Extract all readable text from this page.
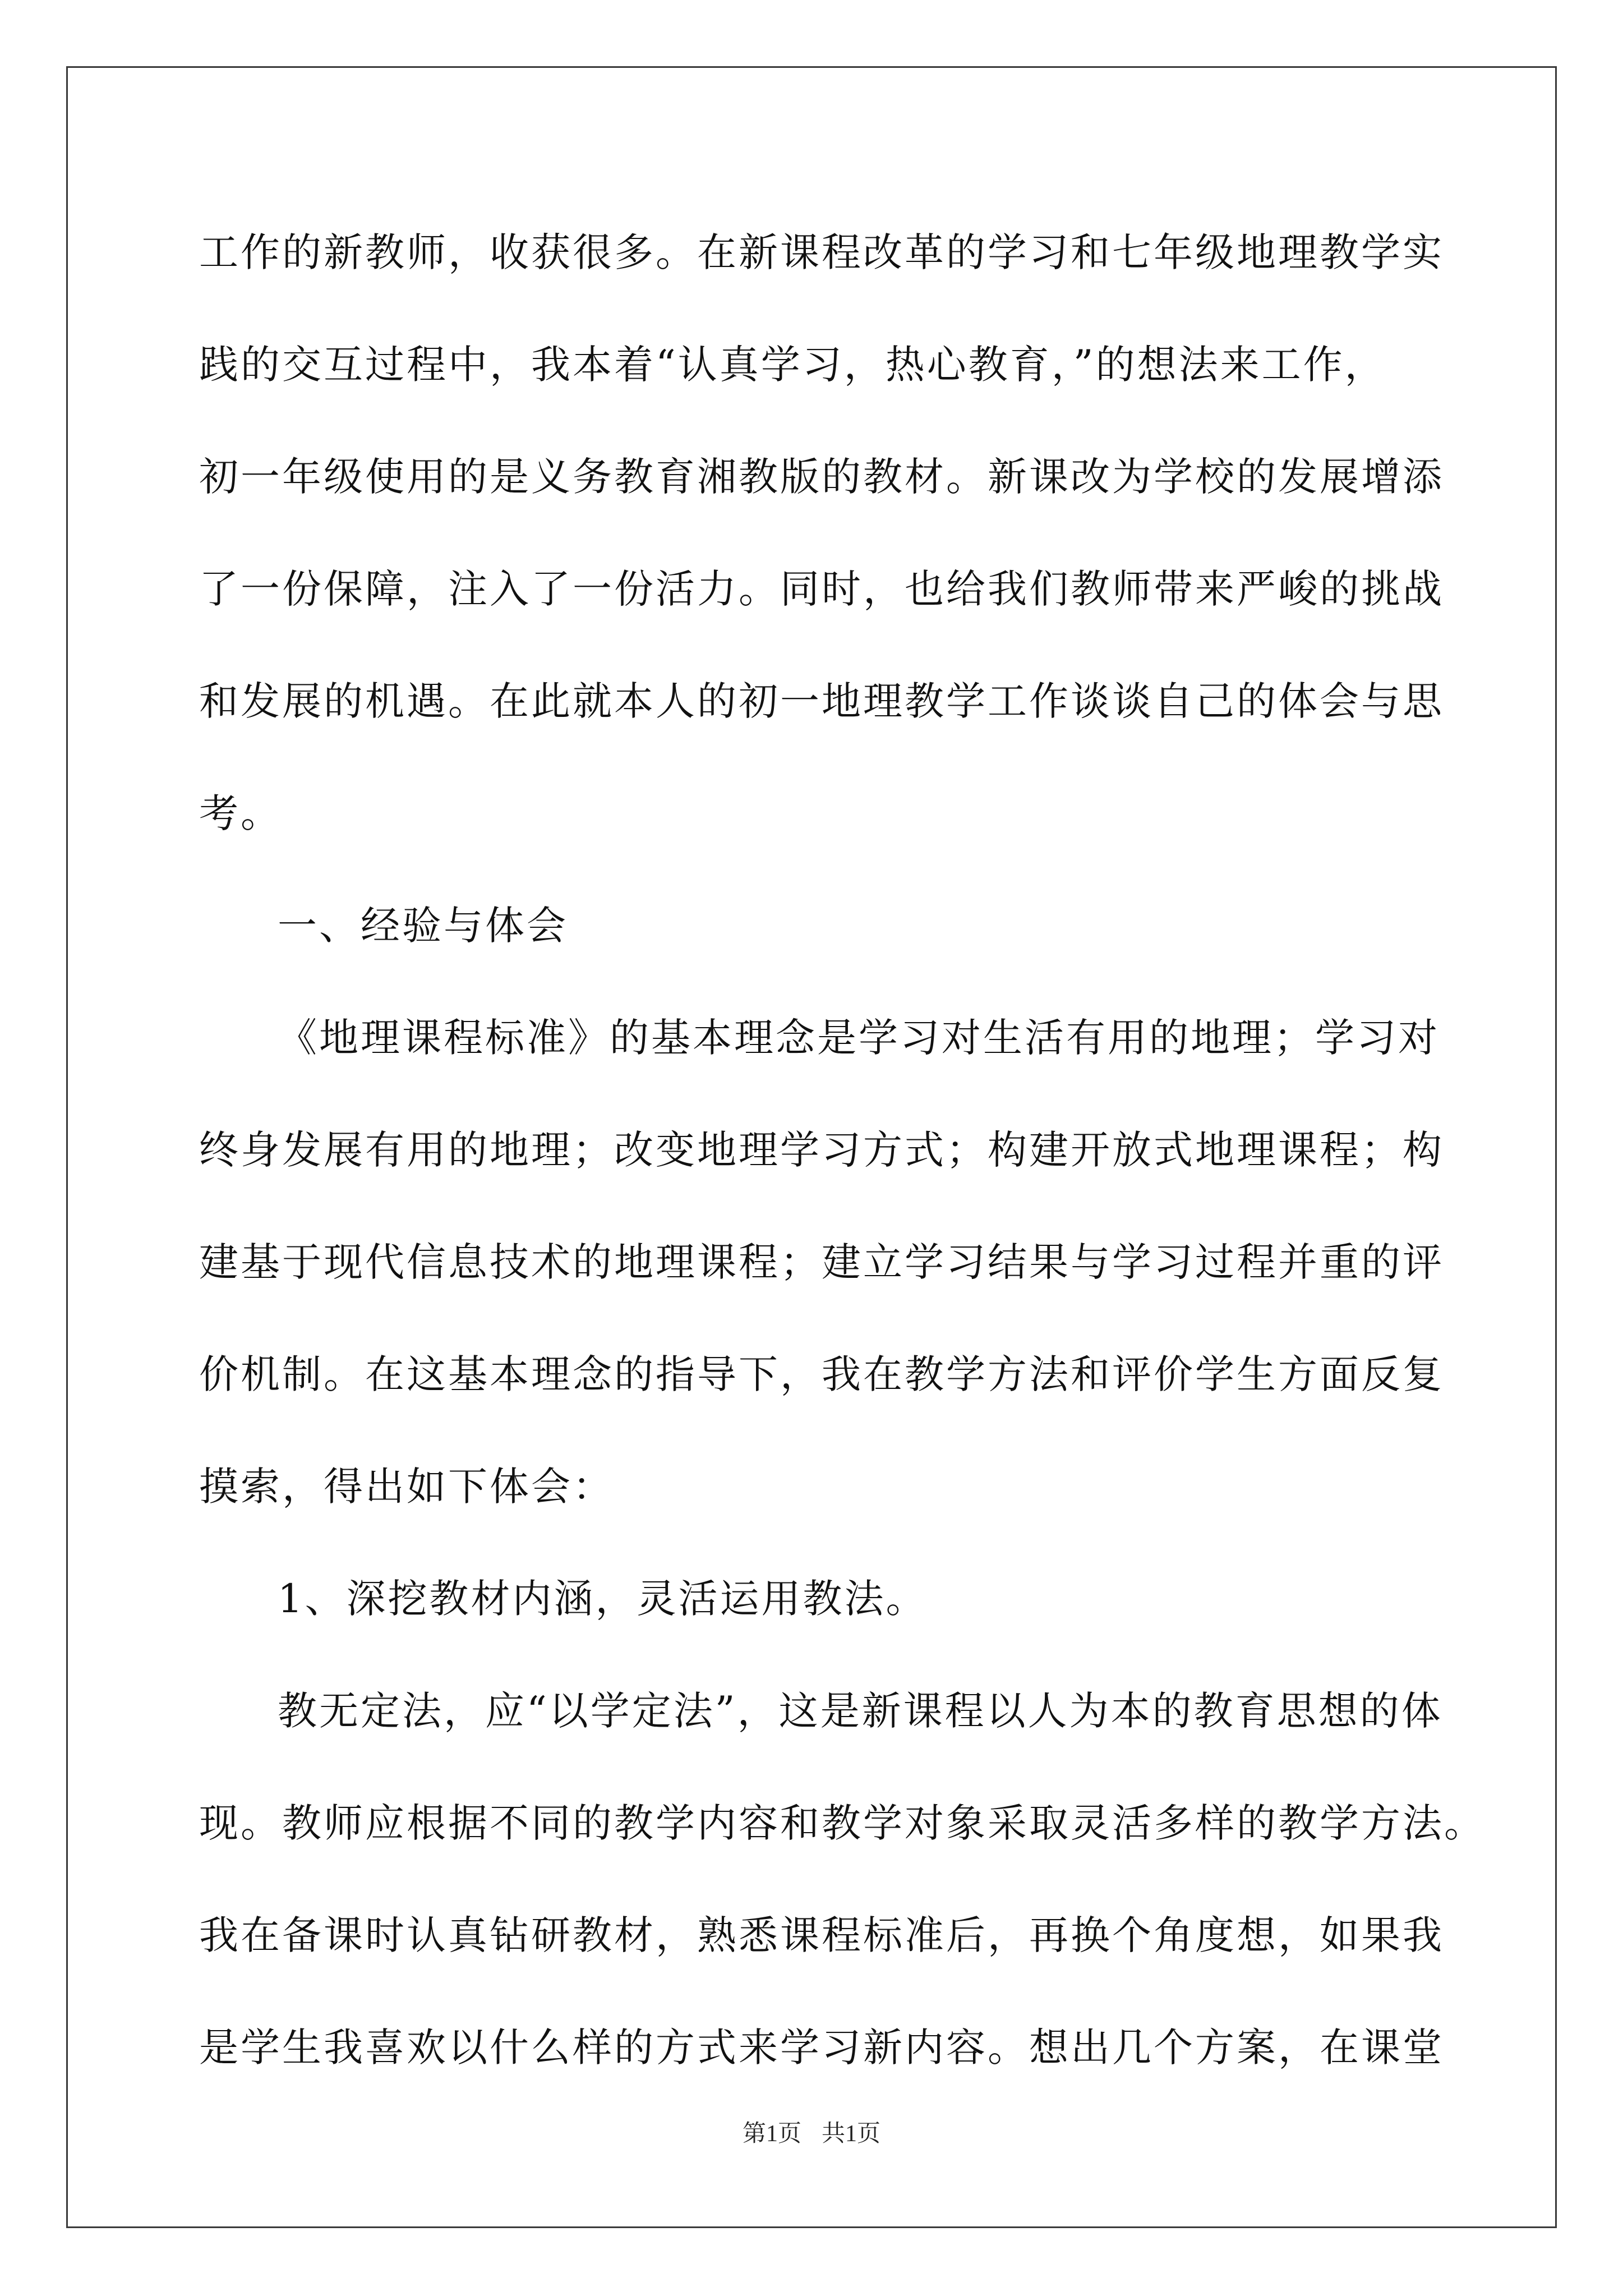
工作的新教师，收获很多。在新课程改革的学习和七年级地理教学实
践的交互过程中，我本着“认真学习，热心教育，”的想法来工作，
初一年级使用的是义务教育湘教版的教材。新课改为学校的发展增添
了一份保障，注入了一份活力。同时，也给我们教师带来严峻的挑战
和发展的机遇。在此就本人的初一地理教学工作谈谈自己的体会与思
考。
一、经验与体会
《地理课程标准》的基本理念是学习对生活有用的地理；学习对
终身发展有用的地理；改变地理学习方式；构建开放式地理课程；构
建基于现代信息技术的地理课程；建立学习结果与学习过程并重的评
价机制。在这基本理念的指导下，我在教学方法和评价学生方面反复
摸索，得出如下体会：
1、深挖教材内涵，灵活运用教法。
教无定法，应“以学定法”，这是新课程以人为本的教育思想的体
现。教师应根据不同的教学内容和教学对象采取灵活多样的教学方法。
我在备课时认真钻研教材，熟悉课程标准后，再换个角度想，如果我
是学生我喜欢以什么样的方式来学习新内容。想出几个方案，在课堂
第1页 共1页
